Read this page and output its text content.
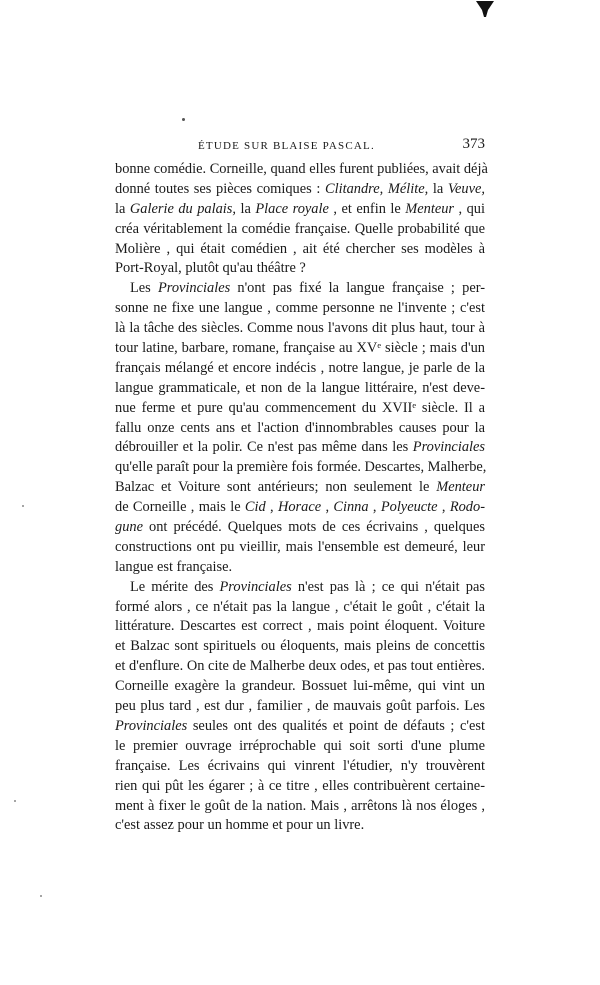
ÉTUDE SUR BLAISE PASCAL.	373
bonne comédie. Corneille, quand elles furent publiées, avait déjà
donné toutes ses pièces comiques : Clitandre, Mélite, la Veuve,
la Galerie du palais, la Place royale , et enfin le Menteur , qui
créa véritablement la comédie française. Quelle probabilité que
Molière , qui était comédien , ait été chercher ses modèles à
Port-Royal, plutôt qu'au théâtre ?
Les Provinciales n'ont pas fixé la langue française ; per-
sonne ne fixe une langue , comme personne ne l'invente ; c'est
là la tâche des siècles. Comme nous l'avons dit plus haut, tour à
tour latine, barbare, romane, française au XVᵉ siècle ; mais d'un
français mélangé et encore indécis , notre langue, je parle de la
langue grammaticale, et non de la langue littéraire, n'est deve-
nue ferme et pure qu'au commencement du XVIIᵉ siècle. Il a
fallu onze cents ans et l'action d'innombrables causes pour la
débrouiller et la polir. Ce n'est pas même dans les Provinciales
qu'elle paraît pour la première fois formée. Descartes, Malherbe,
Balzac et Voiture sont antérieurs; non seulement le Menteur
de Corneille , mais le Cid , Horace , Cinna , Polyeucte , Rodo-
gune ont précédé. Quelques mots de ces écrivains , quelques
constructions ont pu vieillir, mais l'ensemble est demeuré, leur
langue est française.
Le mérite des Provinciales n'est pas là ; ce qui n'était pas
formé alors , ce n'était pas la langue , c'était le goût , c'était la
littérature. Descartes est correct , mais point éloquent. Voiture
et Balzac sont spirituels ou éloquents, mais pleins de concettis
et d'enflure. On cite de Malherbe deux odes, et pas tout entières.
Corneille exagère la grandeur. Bossuet lui-même, qui vint un
peu plus tard , est dur , familier , de mauvais goût parfois. Les
Provinciales seules ont des qualités et point de défauts ; c'est
le premier ouvrage irréprochable qui soit sorti d'une plume
française. Les écrivains qui vinrent l'étudier, n'y trouvèrent
rien qui pût les égarer ; à ce titre , elles contribuèrent certaine-
ment à fixer le goût de la nation. Mais , arrêtons là nos éloges ,
c'est assez pour un homme et pour un livre.
